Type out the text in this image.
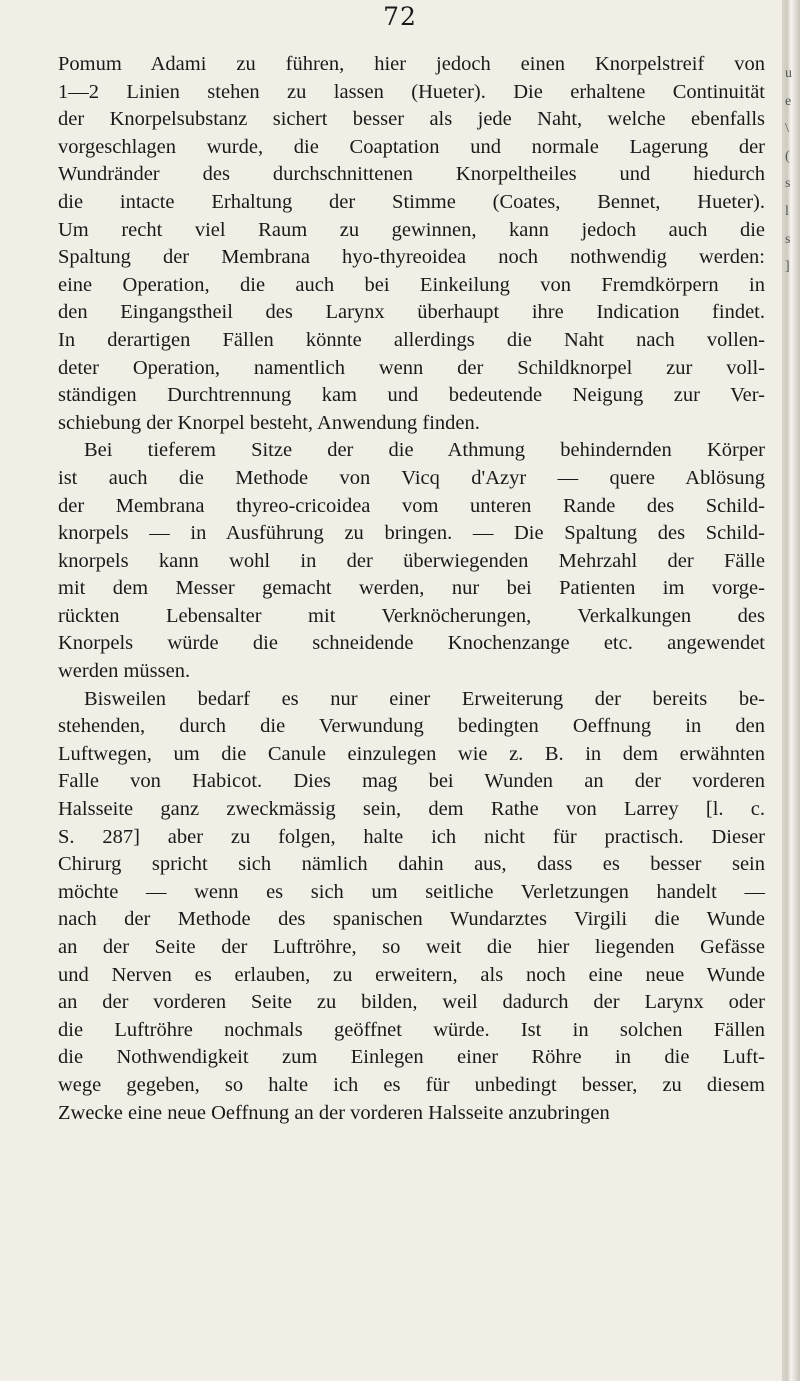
72
Pomum Adami zu führen, hier jedoch einen Knorpelstreif von
1—2 Linien stehen zu lassen (Hueter). Die erhaltene Continuität
der Knorpelsubstanz sichert besser als jede Naht, welche ebenfalls
vorgeschlagen wurde, die Coaptation und normale Lagerung der
Wundränder des durchschnittenen Knorpeltheiles und hiedurch
die intacte Erhaltung der Stimme (Coates, Bennet, Hueter).
Um recht viel Raum zu gewinnen, kann jedoch auch die
Spaltung der Membrana hyo-thyreoidea noch nothwendig werden:
eine Operation, die auch bei Einkeilung von Fremdkörpern in
den Eingangstheil des Larynx überhaupt ihre Indication findet.
In derartigen Fällen könnte allerdings die Naht nach vollen-
deter Operation, namentlich wenn der Schildknorpel zur voll-
ständigen Durchtrennung kam und bedeutende Neigung zur Ver-
schiebung der Knorpel besteht, Anwendung finden.
Bei tieferem Sitze der die Athmung behindernden Körper
ist auch die Methode von Vicq d'Azyr — quere Ablösung
der Membrana thyreo-cricoidea vom unteren Rande des Schild-
knorpels — in Ausführung zu bringen. — Die Spaltung des Schild-
knorpels kann wohl in der überwiegenden Mehrzahl der Fälle
mit dem Messer gemacht werden, nur bei Patienten im vorge-
rückten Lebensalter mit Verknöcherungen, Verkalkungen des
Knorpels würde die schneidende Knochenzange etc. angewendet
werden müssen.
Bisweilen bedarf es nur einer Erweiterung der bereits be-
stehenden, durch die Verwundung bedingten Oeffnung in den
Luftwegen, um die Canule einzulegen wie z. B. in dem erwähnten
Falle von Habicot. Dies mag bei Wunden an der vorderen
Halsseite ganz zweckmässig sein, dem Rathe von Larrey [l. c.
S. 287] aber zu folgen, halte ich nicht für practisch. Dieser
Chirurg spricht sich nämlich dahin aus, dass es besser sein
möchte — wenn es sich um seitliche Verletzungen handelt —
nach der Methode des spanischen Wundarztes Virgili die Wunde
an der Seite der Luftröhre, so weit die hier liegenden Gefässe
und Nerven es erlauben, zu erweitern, als noch eine neue Wunde
an der vorderen Seite zu bilden, weil dadurch der Larynx oder
die Luftröhre nochmals geöffnet würde. Ist in solchen Fällen
die Nothwendigkeit zum Einlegen einer Röhre in die Luft-
wege gegeben, so halte ich es für unbedingt besser, zu diesem
Zwecke eine neue Oeffnung an der vorderen Halsseite anzubringen
u
e
\
(
s
l
s
]
